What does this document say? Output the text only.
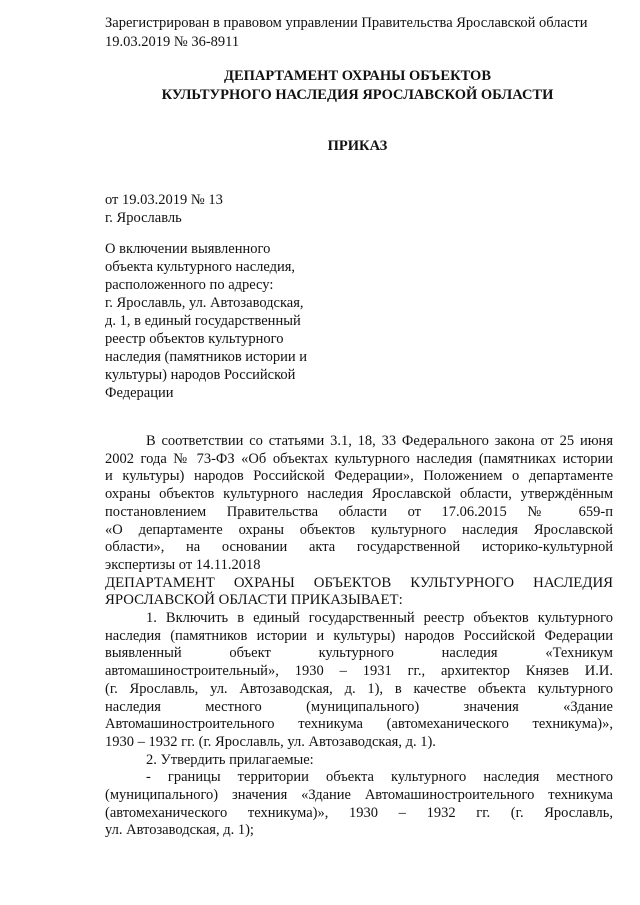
Зарегистрирован в правовом управлении Правительства Ярославской области
19.03.2019 № 36-8911
ДЕПАРТАМЕНТ ОХРАНЫ ОБЪЕКТОВ
КУЛЬТУРНОГО НАСЛЕДИЯ ЯРОСЛАВСКОЙ ОБЛАСТИ
ПРИКАЗ
от 19.03.2019 № 13
г. Ярославль
О включении выявленного
объекта культурного наследия,
расположенного по адресу:
г. Ярославль, ул. Автозаводская,
д. 1, в единый государственный
реестр объектов культурного
наследия (памятников истории и
культуры) народов Российской
Федерации
В соответствии со статьями 3.1, 18, 33 Федерального закона от 25 июня
2002 года № 73-ФЗ «Об объектах культурного наследия (памятниках истории
и культуры) народов Российской Федерации», Положением о департаменте
охраны объектов культурного наследия Ярославской области, утверждённым
постановлением Правительства области от 17.06.2015 № 659-п
«О департаменте охраны объектов культурного наследия Ярославской
области», на основании акта государственной историко-культурной
экспертизы от 14.11.2018
ДЕПАРТАМЕНТ ОХРАНЫ ОБЪЕКТОВ КУЛЬТУРНОГО НАСЛЕДИЯ
ЯРОСЛАВСКОЙ ОБЛАСТИ ПРИКАЗЫВАЕТ:
1. Включить в единый государственный реестр объектов культурного
наследия (памятников истории и культуры) народов Российской Федерации
выявленный объект культурного наследия «Техникум
автомашиностроительный», 1930 – 1931 гг., архитектор Князев И.И.
(г. Ярославль, ул. Автозаводская, д. 1), в качестве объекта культурного
наследия местного (муниципального) значения «Здание
Автомашиностроительного техникума (автомеханического техникума)»,
1930 – 1932 гг. (г. Ярославль, ул. Автозаводская, д. 1).
2. Утвердить прилагаемые:
- границы территории объекта культурного наследия местного
(муниципального) значения «Здание Автомашиностроительного техникума
(автомеханического техникума)», 1930 – 1932 гг. (г. Ярославль,
ул. Автозаводская, д. 1);
